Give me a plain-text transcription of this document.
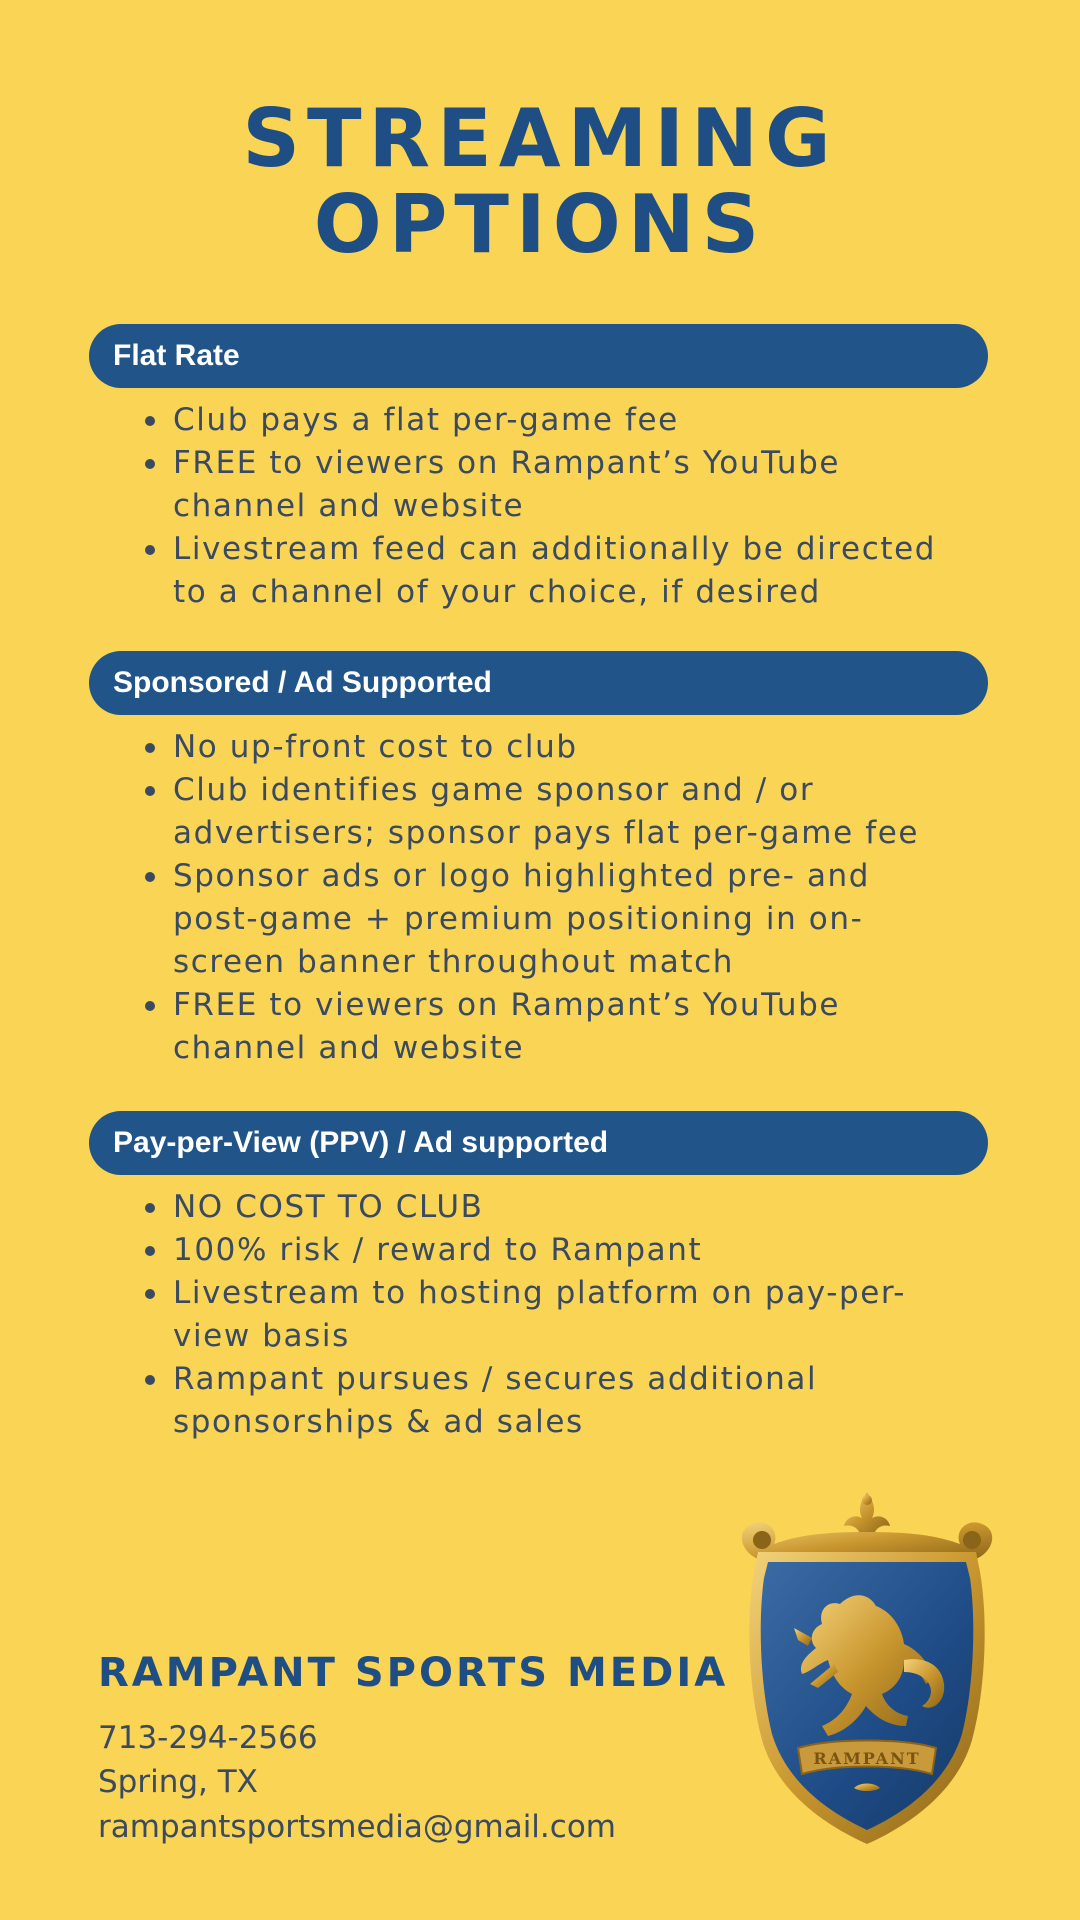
STREAMING
OPTIONS
Flat Rate
Club pays a flat per-game fee
FREE to viewers on Rampant’s YouTube
channel and website
Livestream feed can additionally be directed
to a channel of your choice, if desired
Sponsored / Ad Supported
No up-front cost to club
Club identifies game sponsor and / or
advertisers; sponsor pays flat per-game fee
Sponsor ads or logo highlighted pre- and
post-game + premium positioning in on-
screen banner throughout match
FREE to viewers on Rampant’s YouTube
channel and website
Pay-per-View (PPV) / Ad supported
NO COST TO CLUB
100% risk / reward to Rampant
Livestream to hosting platform on pay-per-
view basis
Rampant pursues / secures additional
sponsorships & ad sales
RAMPANT SPORTS MEDIA
713-294-2566
Spring, TX
rampantsportsmedia@gmail.com
RAMPANT
